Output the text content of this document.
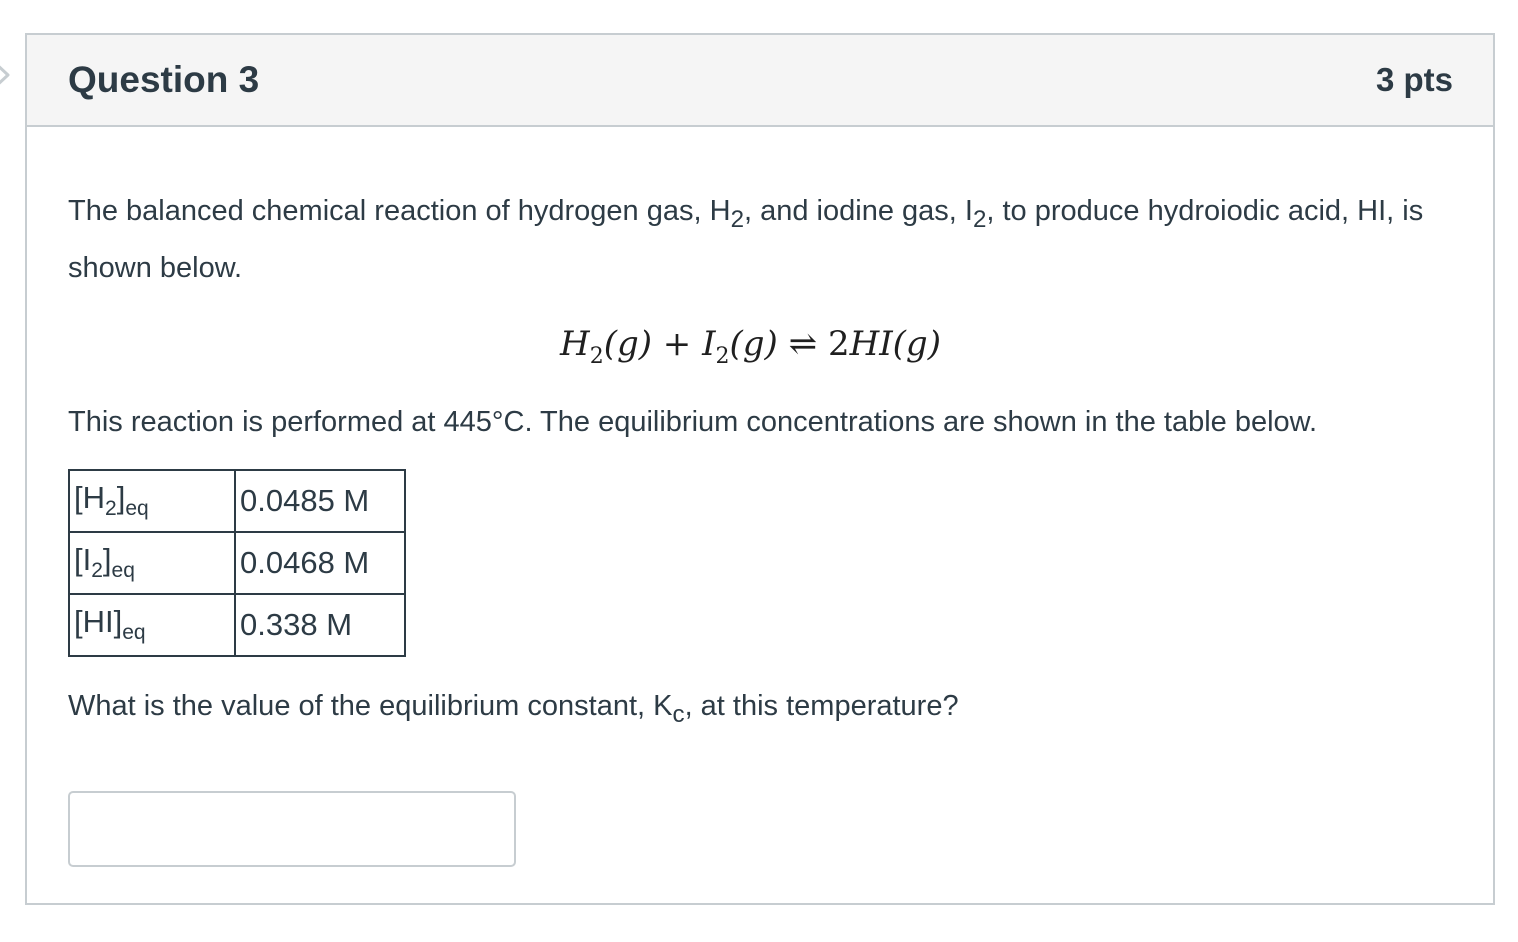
Question 3	3 pts

The balanced chemical reaction of hydrogen gas, $H_2$, and iodine gas, $I_2$, to produce hydroiodic acid, HI, is shown below.

$H_2(g) + I_2(g)$ ⇌ 2HI(g)

This reaction is performed at 445°C. The equilibrium concentrations are shown in the table below.

$[H_2]_{eq}$	0.0485 M
$[I_2]_{eq}$	0.0468 M
$[HI]_{eq}$	0.338 M

What is the value of the equilibrium constant, $K_c$, at this temperature?
